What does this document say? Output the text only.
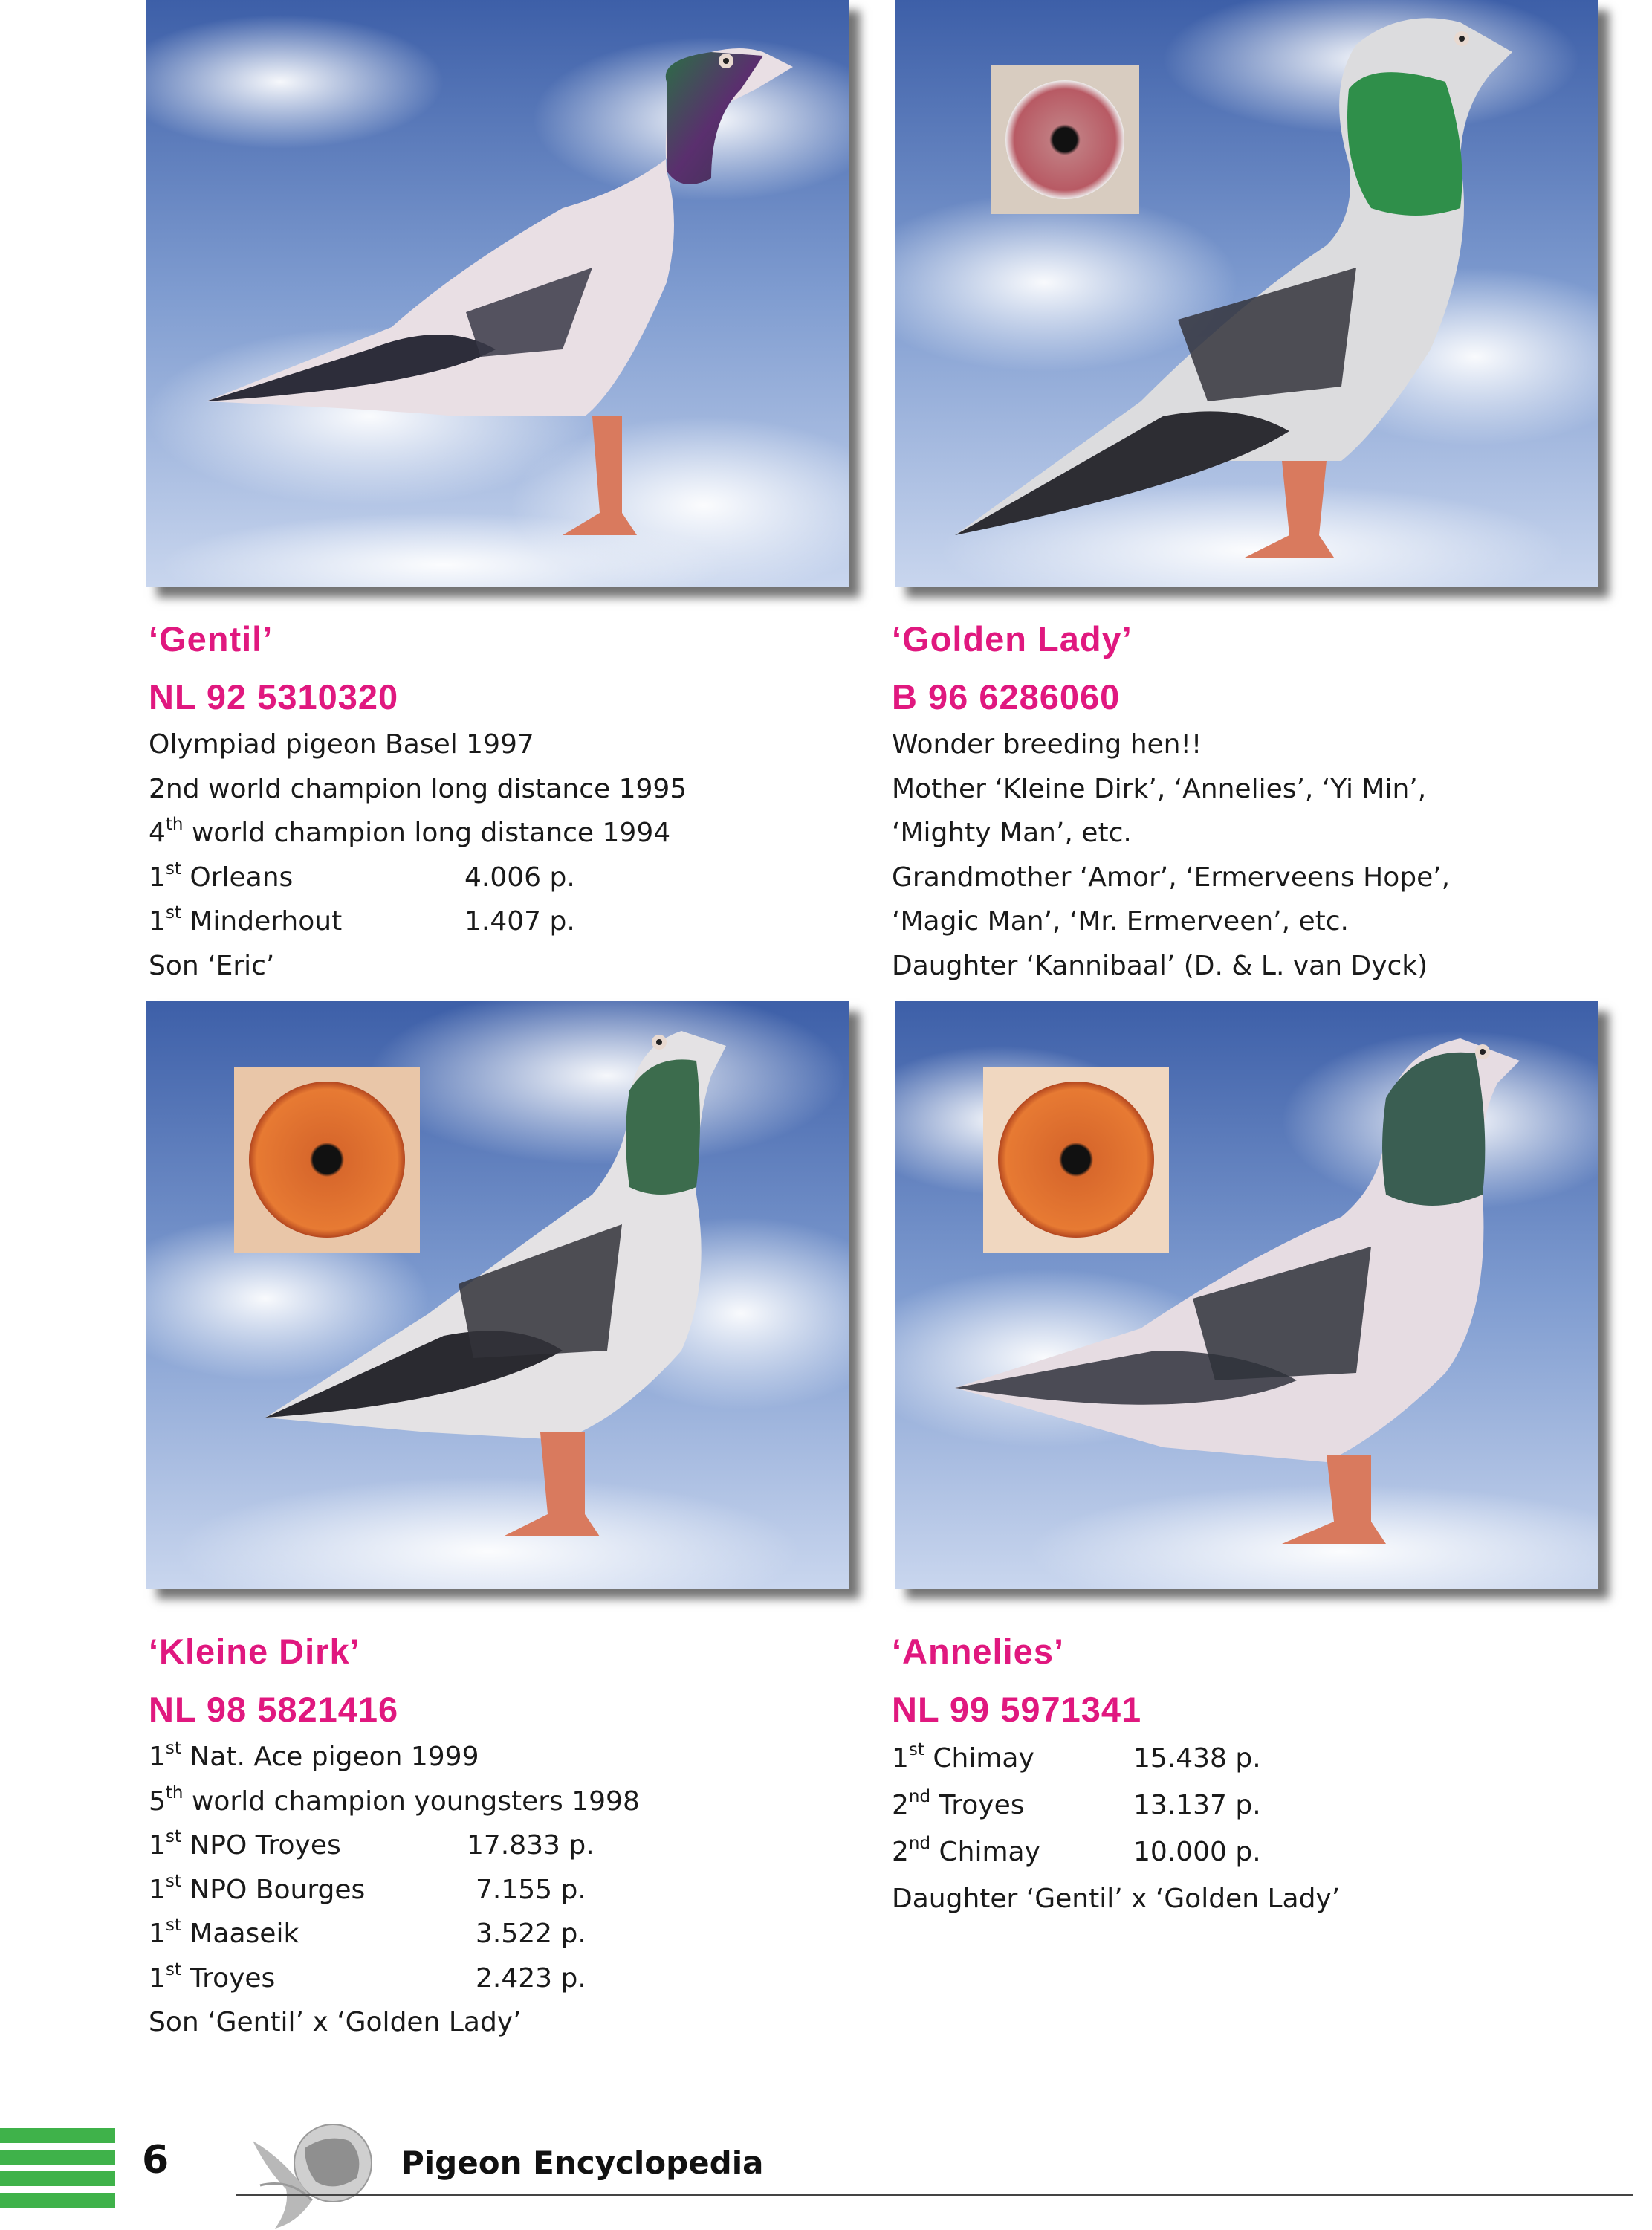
‘Gentil’
NL 92 5310320
Olympiad pigeon Basel 1997
2nd world champion long distance 1995
4th world champion long distance 1994
1st Orleans	4.006 p.
1st Minderhout	1.407 p.
Son ‘Eric’
‘Golden Lady’
B 96 6286060
Wonder breeding hen!!
Mother ‘Kleine Dirk’, ‘Annelies’, ‘Yi Min’,
‘Mighty Man’, etc.
Grandmother ‘Amor’, ‘Ermerveens Hope’,
‘Magic Man’, ‘Mr. Ermerveen’, etc.
Daughter ‘Kannibaal’ (D. & L. van Dyck)
‘Kleine Dirk’
NL 98 5821416
1st Nat. Ace pigeon 1999
5th world champion youngsters 1998
1st NPO Troyes	17.833 p.
1st NPO Bourges	7.155 p.
1st Maaseik	3.522 p.
1st Troyes	2.423 p.
Son ‘Gentil’ x ‘Golden Lady’
‘Annelies’
NL 99 5971341
1st Chimay	15.438 p.
2nd Troyes	13.137 p.
2nd Chimay	10.000 p.
Daughter ‘Gentil’ x ‘Golden Lady’
6	Pigeon Encyclopedia
